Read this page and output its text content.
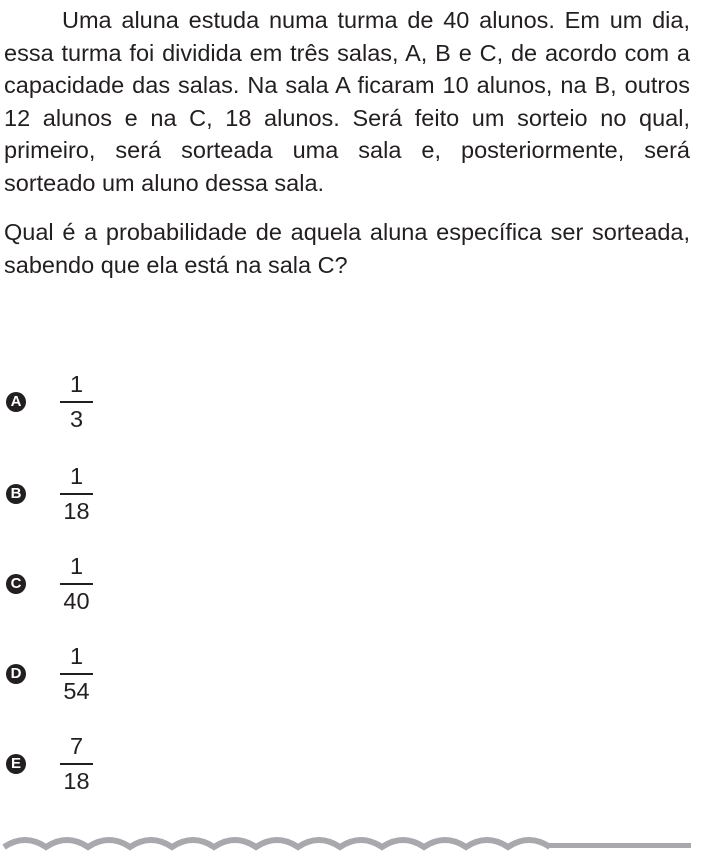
Uma aluna estuda numa turma de 40 alunos. Em um dia, essa turma foi dividida em três salas, A, B e C, de acordo com a capacidade das salas. Na sala A ficaram 10 alunos, na B, outros 12 alunos e na C, 18 alunos. Será feito um sorteio no qual, primeiro, será sorteada uma sala e, posteriormente, será sorteado um aluno dessa sala.

Qual é a probabilidade de aquela aluna específica ser sorteada, sabendo que ela está na sala C?

A $\frac{1}{3}$
B $\frac{1}{18}$
C $\frac{1}{40}$
D $\frac{1}{54}$
E $\frac{7}{18}$
